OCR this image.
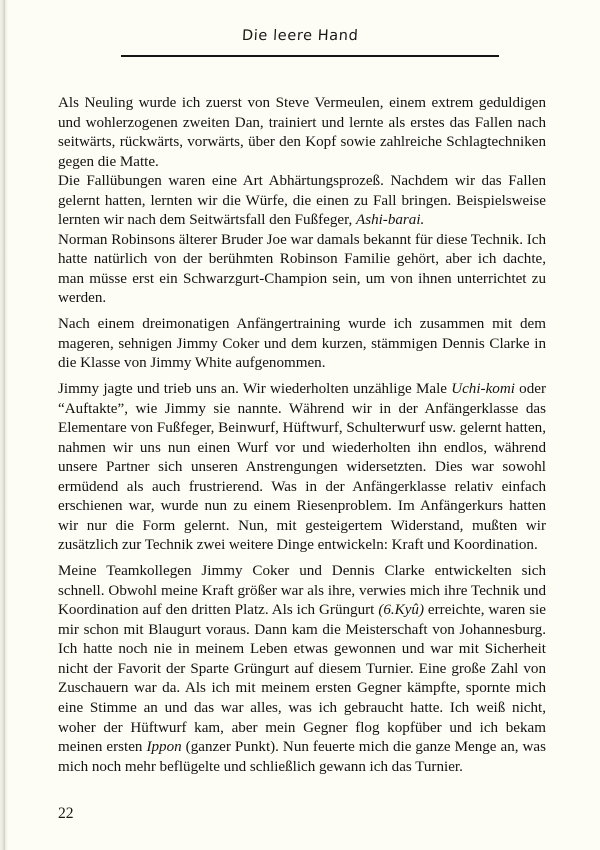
Die leere Hand

Als Neuling wurde ich zuerst von Steve Vermeulen, einem extrem geduldigen und wohlerzogenen zweiten Dan, trainiert und lernte als erstes das Fallen nach seitwärts, rückwärts, vorwärts, über den Kopf sowie zahlreiche Schlagtechniken gegen die Matte.

Die Fallübungen waren eine Art Abhärtungsprozeß. Nachdem wir das Fallen gelernt hatten, lernten wir die Würfe, die einen zu Fall bringen. Beispielsweise lernten wir nach dem Seitwärtsfall den Fußfeger, Ashi-barai.

Norman Robinsons älterer Bruder Joe war damals bekannt für diese Technik. Ich hatte natürlich von der berühmten Robinson Familie gehört, aber ich dachte, man müsse erst ein Schwarzgurt-Champion sein, um von ihnen unterrichtet zu werden.

Nach einem dreimonatigen Anfängertraining wurde ich zusammen mit dem mageren, sehnigen Jimmy Coker und dem kurzen, stämmigen Dennis Clarke in die Klasse von Jimmy White aufgenommen.

Jimmy jagte und trieb uns an. Wir wiederholten unzählige Male Uchi-komi oder “Auftakte”, wie Jimmy sie nannte. Während wir in der Anfängerklasse das Elementare von Fußfeger, Beinwurf, Hüftwurf, Schulterwurf usw. gelernt hatten, nahmen wir uns nun einen Wurf vor und wiederholten ihn endlos, während unsere Partner sich unseren Anstrengungen widersetzten. Dies war sowohl ermüdend als auch frustrierend. Was in der Anfängerklasse relativ einfach erschienen war, wurde nun zu einem Riesenproblem. Im Anfängerkurs hatten wir nur die Form gelernt. Nun, mit gesteigertem Widerstand, mußten wir zusätzlich zur Technik zwei weitere Dinge entwickeln: Kraft und Koordination.

Meine Teamkollegen Jimmy Coker und Dennis Clarke entwickelten sich schnell. Obwohl meine Kraft größer war als ihre, verwies mich ihre Technik und Koordination auf den dritten Platz. Als ich Grüngurt (6.Kyû) erreichte, waren sie mir schon mit Blaugurt voraus. Dann kam die Meisterschaft von Johannesburg. Ich hatte noch nie in meinem Leben etwas gewonnen und war mit Sicherheit nicht der Favorit der Sparte Grüngurt auf diesem Turnier. Eine große Zahl von Zuschauern war da. Als ich mit meinem ersten Gegner kämpfte, spornte mich eine Stimme an und das war alles, was ich gebraucht hatte. Ich weiß nicht, woher der Hüftwurf kam, aber mein Gegner flog kopfüber und ich bekam meinen ersten Ippon (ganzer Punkt). Nun feuerte mich die ganze Menge an, was mich noch mehr beflügelte und schließlich gewann ich das Turnier.

22
